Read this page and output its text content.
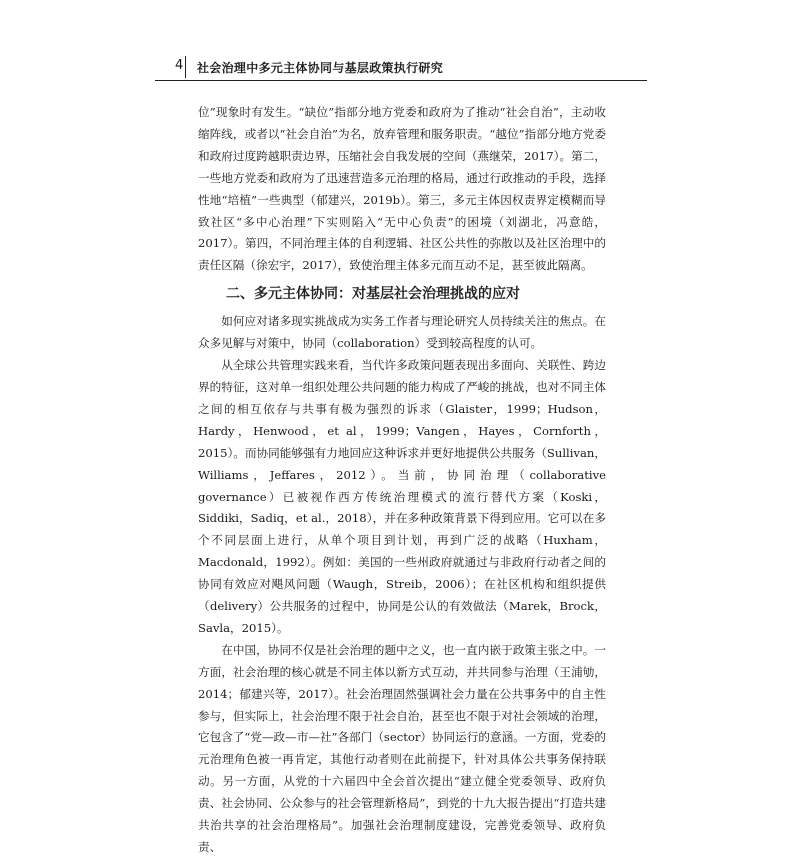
4 社会治理中多元主体协同与基层政策执行研究

位”现象时有发生。“缺位”指部分地方党委和政府为了推动“社会自治”，主动收缩阵线，或者以“社会自治”为名，放弃管理和服务职责。“越位”指部分地方党委和政府过度跨越职责边界，压缩社会自我发展的空间（燕继荣，2017）。第二，一些地方党委和政府为了迅速营造多元治理的格局，通过行政推动的手段，选择性地“培植”一些典型（郁建兴，2019b）。第三，多元主体因权责界定模糊而导致社区“多中心治理”下实则陷入“无中心负责”的困境（刘湖北，冯意皓，2017）。第四，不同治理主体的自利逻辑、社区公共性的弥散以及社区治理中的责任区隔（徐宏宇，2017），致使治理主体多元而互动不足，甚至彼此隔离。

二、多元主体协同：对基层社会治理挑战的应对

如何应对诸多现实挑战成为实务工作者与理论研究人员持续关注的焦点。在众多见解与对策中，协同（collaboration）受到较高程度的认可。

从全球公共管理实践来看，当代许多政策问题表现出多面向、关联性、跨边界的特征，这对单一组织处理公共问题的能力构成了严峻的挑战，也对不同主体之间的相互依存与共事有极为强烈的诉求（Glaister，1999；Hudson，Hardy，Henwood，et al，1999；Vangen，Hayes，Cornforth，2015）。而协同能够强有力地回应这种诉求并更好地提供公共服务（Sullivan，Williams，Jeffares，2012）。当前，协同治理（collaborative governance）已被视作西方传统治理模式的流行替代方案（Koski，Siddiki，Sadiq，et al.，2018），并在多种政策背景下得到应用。它可以在多个不同层面上进行，从单个项目到计划，再到广泛的战略（Huxham，Macdonald，1992）。例如：美国的一些州政府就通过与非政府行动者之间的协同有效应对飓风问题（Waugh，Streib，2006）；在社区机构和组织提供（delivery）公共服务的过程中，协同是公认的有效做法（Marek，Brock，Savla，2015）。

在中国，协同不仅是社会治理的题中之义，也一直内嵌于政策主张之中。一方面，社会治理的核心就是不同主体以新方式互动，并共同参与治理（王浦劬，2014；郁建兴等，2017）。社会治理固然强调社会力量在公共事务中的自主性参与，但实际上，社会治理不限于社会自治，甚至也不限于对社会领域的治理，它包含了“党—政—市—社”各部门（sector）协同运行的意涵。一方面，党委的元治理角色被一再肯定，其他行动者则在此前提下，针对具体公共事务保持联动。另一方面，从党的十六届四中全会首次提出“建立健全党委领导、政府负责、社会协同、公众参与的社会管理新格局”，到党的十九大报告提出“打造共建共治共享的社会治理格局”。加强社会治理制度建设，完善党委领导、政府负责、
